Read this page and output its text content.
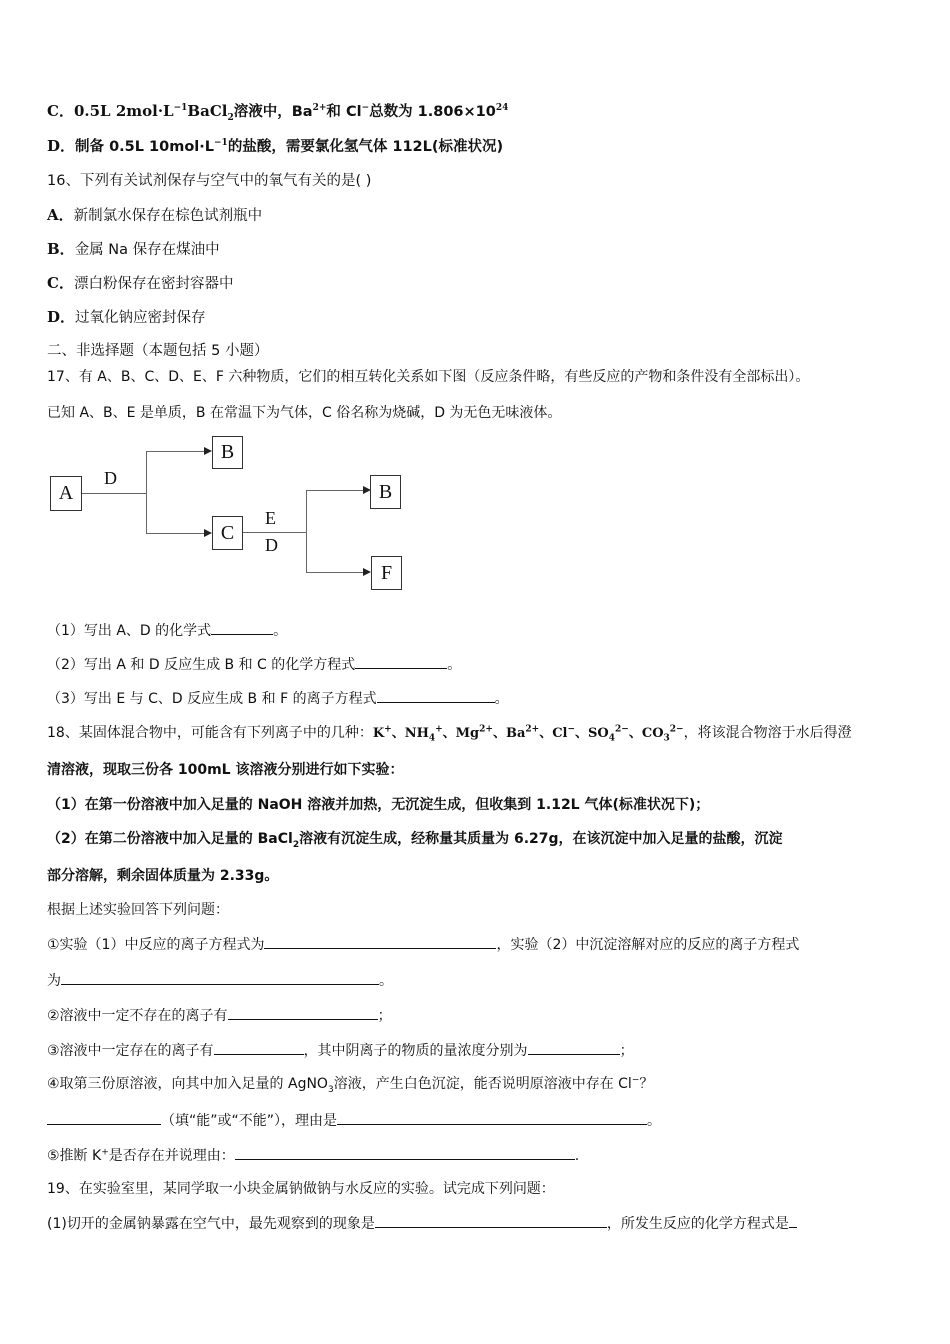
C．0.5L $2mol\cdot L^{-1}BaCl_2$溶液中，$Ba^{2+}$和 Cl−总数为 $1.806\times 10^{24}$
D．制备 0.5L $10mol\cdot L^{-1}$的盐酸，需要氯化氢气体 112L(标准状况)
16、下列有关试剂保存与空气中的氧气有关的是( )
A．新制氯水保存在棕色试剂瓶中
B．金属 Na 保存在煤油中
C．漂白粉保存在密封容器中
D．过氧化钠应密封保存
二、非选择题（本题包括 5 小题）
17、有 A、B、C、D、E、F 六种物质，它们的相互转化关系如下图（反应条件略，有些反应的产物和条件没有全部标出）。
已知 A、B、E 是单质，B 在常温下为气体，C 俗名称为烧碱，D 为无色无味液体。
A
D
B
C
E
D
B
F
（1）写出 A、D 的化学式	。
（2）写出 A 和 D 反应生成 B 和 C 的化学方程式	。
（3）写出 E 与 C、D 反应生成 B 和 F 的离子方程式	。
18、某固体混合物中，可能含有下列离子中的几种：K+、$NH_4^+$、$Mg^{2+}$、$Ba^{2+}$、Cl−、$SO_4^{2-}$、$CO_3^{2-}$，将该混合物溶于水后得澄
清溶液，现取三份各 100mL 该溶液分别进行如下实验：
（1）在第一份溶液中加入足量的 NaOH 溶液并加热，无沉淀生成，但收集到 1.12L 气体(标准状况下)；
（2）在第二份溶液中加入足量的 BaCl$_2$溶液有沉淀生成，经称量其质量为 6.27g，在该沉淀中加入足量的盐酸，沉淀
部分溶解，剩余固体质量为 2.33g。
根据上述实验回答下列问题：
①实验（1）中反应的离子方程式为	，实验（2）中沉淀溶解对应的反应的离子方程式
为	。
②溶液中一定不存在的离子有	；
③溶液中一定存在的离子有	，其中阴离子的物质的量浓度分别为	；
④取第三份原溶液，向其中加入足量的 AgNO$_3$溶液，产生白色沉淀，能否说明原溶液中存在 Cl−？
（填“能”或“不能”），理由是	。
⑤推断 K+是否存在并说理由：	.
19、在实验室里，某同学取一小块金属钠做钠与水反应的实验。试完成下列问题：
(1)切开的金属钠暴露在空气中，最先观察到的现象是	，所发生反应的化学方程式是
